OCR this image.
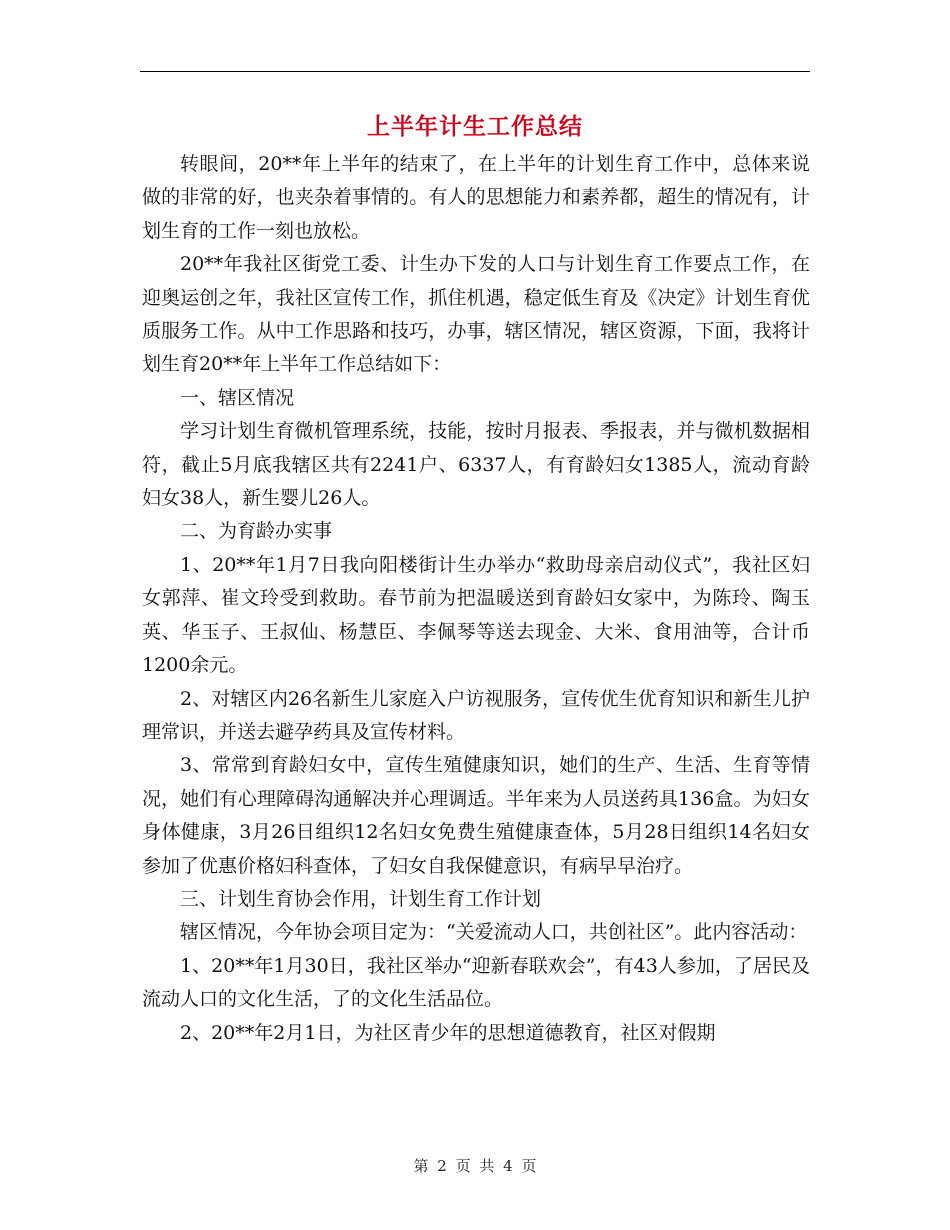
上半年计生工作总结

转眼间，20**年上半年的结束了，在上半年的计划生育工作中，总体来说做的非常的好，也夹杂着事情的。有人的思想能力和素养都，超生的情况有，计划生育的工作一刻也放松。

20**年我社区街党工委、计生办下发的人口与计划生育工作要点工作，在迎奥运创之年，我社区宣传工作，抓住机遇，稳定低生育及《决定》计划生育优质服务工作。从中工作思路和技巧，办事，辖区情况，辖区资源，下面，我将计划生育20**年上半年工作总结如下：

一、辖区情况

学习计划生育微机管理系统，技能，按时月报表、季报表，并与微机数据相符，截止5月底我辖区共有2241户、6337人，有育龄妇女1385人，流动育龄妇女38人，新生婴儿26人。

二、为育龄办实事

1、20**年1月7日我向阳楼街计生办举办“救助母亲启动仪式”，我社区妇女郭萍、崔文玲受到救助。春节前为把温暖送到育龄妇女家中，为陈玲、陶玉英、华玉子、王叔仙、杨慧臣、李佩琴等送去现金、大米、食用油等，合计币1200余元。

2、对辖区内26名新生儿家庭入户访视服务，宣传优生优育知识和新生儿护理常识，并送去避孕药具及宣传材料。

3、常常到育龄妇女中，宣传生殖健康知识，她们的生产、生活、生育等情况，她们有心理障碍沟通解决并心理调适。半年来为人员送药具136盒。为妇女身体健康，3月26日组织12名妇女免费生殖健康查体，5月28日组织14名妇女参加了优惠价格妇科查体，了妇女自我保健意识，有病早早治疗。

三、计划生育协会作用，计划生育工作计划

辖区情况，今年协会项目定为：“关爱流动人口，共创社区”。此内容活动：

1、20**年1月30日，我社区举办“迎新春联欢会”，有43人参加，了居民及流动人口的文化生活，了的文化生活品位。

2、20**年2月1日，为社区青少年的思想道德教育，社区对假期

第 2 页 共 4 页
